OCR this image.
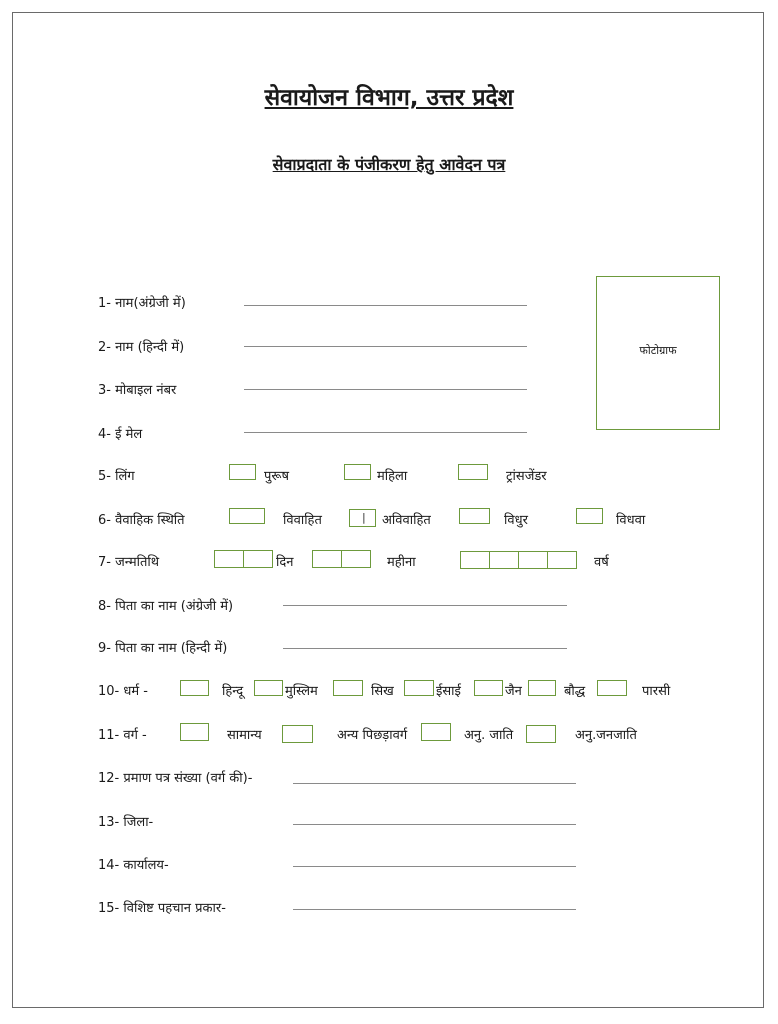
सेवायोजन विभाग, उत्तर प्रदेश
सेवाप्रदाता के पंजीकरण हेतु आवेदन पत्र
फोटोग्राफ
1- नाम(अंग्रेजी में)
2- नाम (हिन्दी में)
3- मोबाइल नंबर
4- ई मेल
5- लिंग	पुरूष	महिला	ट्रांसजेंडर
6- वैवाहिक स्थिति	विवाहित	| अविवाहित	विधुर	विधवा
7- जन्मतिथि	दिन	महीना	वर्ष
8- पिता का नाम (अंग्रेजी में)
9- पिता का नाम (हिन्दी में)
10- धर्म -	हिन्दू	मुस्लिम	सिख	ईसाई	जैन	बौद्ध	पारसी
11- वर्ग -	सामान्य	अन्य पिछड़ावर्ग	अनु. जाति	अनु.जनजाति
12- प्रमाण पत्र संख्या (वर्ग की)-
13- जिला-
14- कार्यालय-
15- विशिष्ट पहचान प्रकार-
